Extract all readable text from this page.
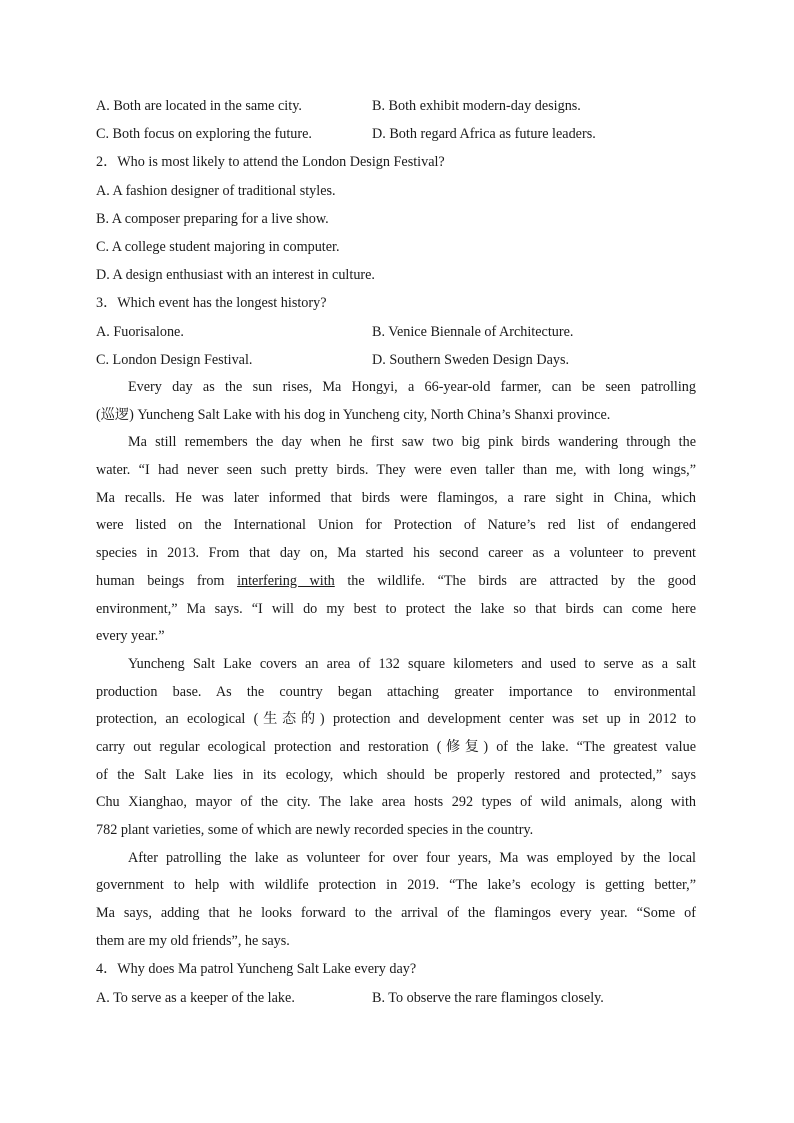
A. Both are located in the same city.	B. Both exhibit modern-day designs.
C. Both focus on exploring the future.	D. Both regard Africa as future leaders.
2．Who is most likely to attend the London Design Festival?
A. A fashion designer of traditional styles.
B. A composer preparing for a live show.
C. A college student majoring in computer.
D. A design enthusiast with an interest in culture.
3．Which event has the longest history?
A. Fuorisalone.	B. Venice Biennale of Architecture.
C. London Design Festival.	D. Southern Sweden Design Days.
Every day as the sun rises, Ma Hongyi, a 66-year-old farmer, can be seen patrolling
(巡逻) Yuncheng Salt Lake with his dog in Yuncheng city, North China’s Shanxi province.
Ma still remembers the day when he first saw two big pink birds wandering through the
water. “I had never seen such pretty birds. They were even taller than me, with long wings,”
Ma recalls. He was later informed that birds were flamingos, a rare sight in China, which
were listed on the International Union for Protection of Nature’s red list of endangered
species in 2013. From that day on, Ma started his second career as a volunteer to prevent
human beings from interfering with the wildlife. “The birds are attracted by the good
environment,” Ma says. “I will do my best to protect the lake so that birds can come here
every year.”
Yuncheng Salt Lake covers an area of 132 square kilometers and used to serve as a salt
production base. As the country began attaching greater importance to environmental
protection, an ecological (生态的) protection and development center was set up in 2012 to
carry out regular ecological protection and restoration (修复) of the lake. “The greatest value
of the Salt Lake lies in its ecology, which should be properly restored and protected,” says
Chu Xianghao, mayor of the city. The lake area hosts 292 types of wild animals, along with
782 plant varieties, some of which are newly recorded species in the country.
After patrolling the lake as volunteer for over four years, Ma was employed by the local
government to help with wildlife protection in 2019. “The lake’s ecology is getting better,”
Ma says, adding that he looks forward to the arrival of the flamingos every year. “Some of
them are my old friends”, he says.
4．Why does Ma patrol Yuncheng Salt Lake every day?
A. To serve as a keeper of the lake.	B. To observe the rare flamingos closely.
